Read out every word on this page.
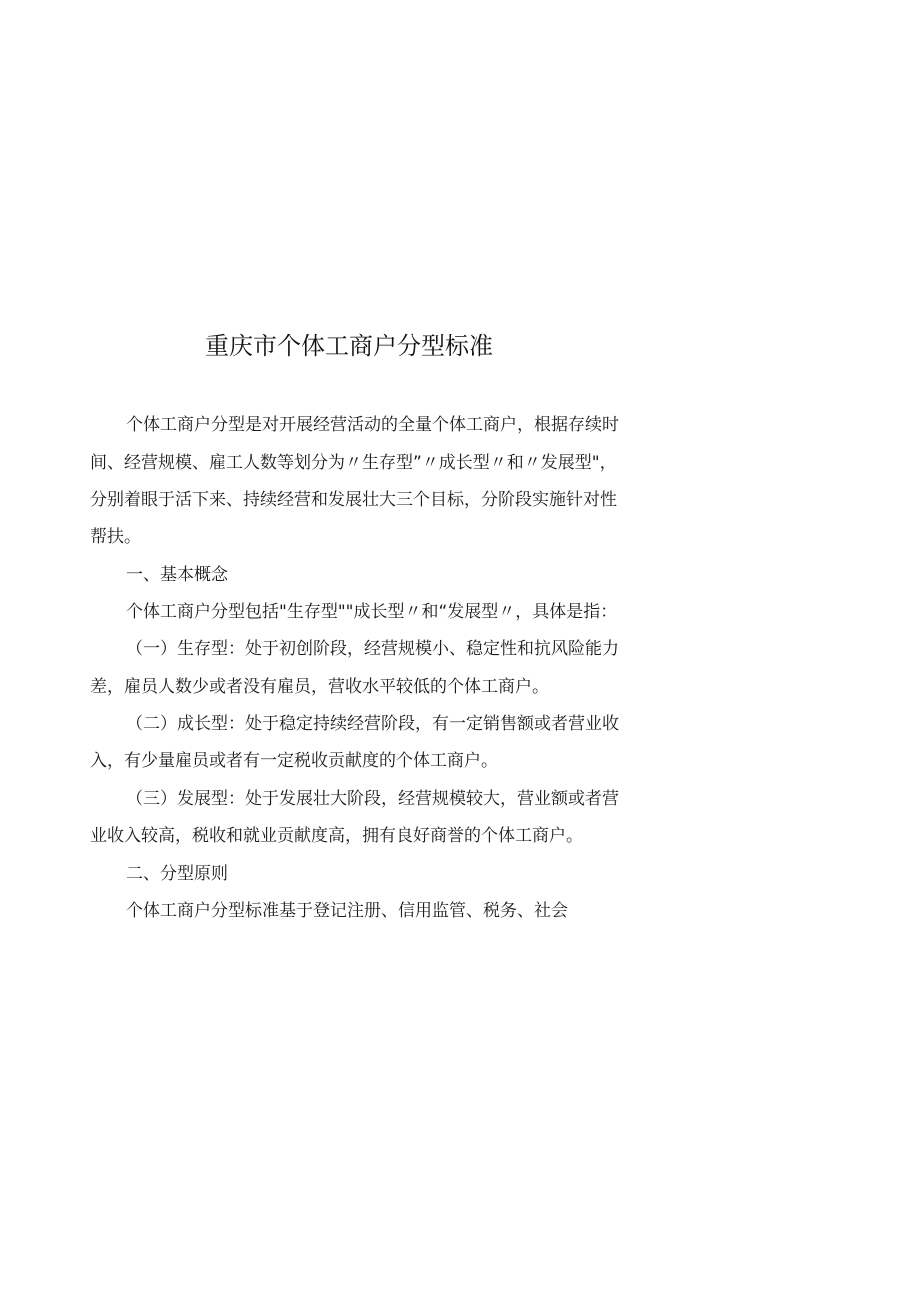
重庆市个体工商户分型标准
个体工商户分型是对开展经营活动的全量个体工商户，根据存续时
间、经营规模、雇工人数等划分为〃生存型”〃成长型〃和〃发展型"，
分别着眼于活下来、持续经营和发展壮大三个目标，分阶段实施针对性
帮扶。
一、基本概念
个体工商户分型包括"生存型""成长型〃和“发展型〃，具体是指：
（一）生存型：处于初创阶段，经营规模小、稳定性和抗风险能力
差，雇员人数少或者没有雇员，营收水平较低的个体工商户。
（二）成长型：处于稳定持续经营阶段，有一定销售额或者营业收
入，有少量雇员或者有一定税收贡献度的个体工商户。
（三）发展型：处于发展壮大阶段，经营规模较大，营业额或者营
业收入较高，税收和就业贡献度高，拥有良好商誉的个体工商户。
二、分型原则
个体工商户分型标准基于登记注册、信用监管、税务、社会
